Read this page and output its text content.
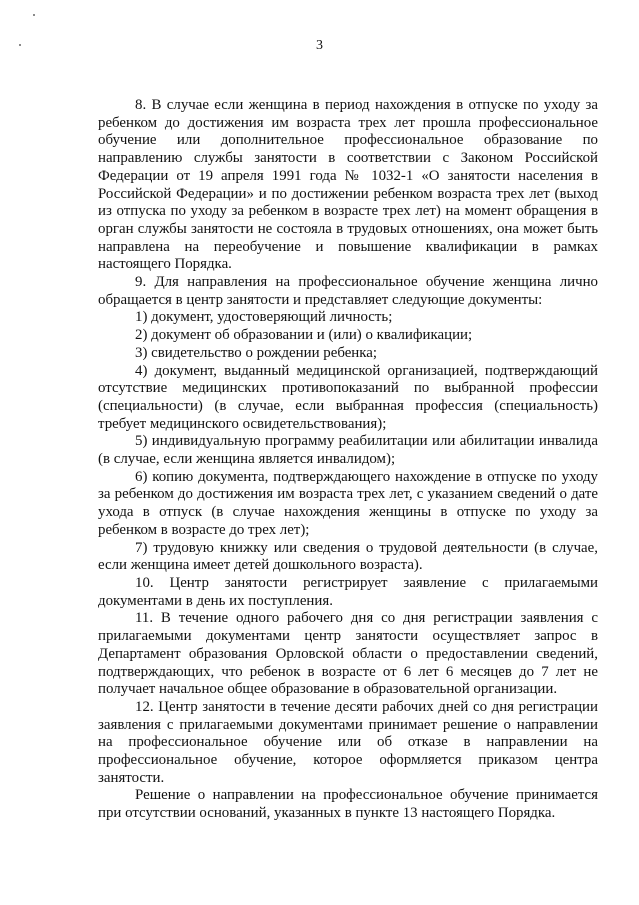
3

8. В случае если женщина в период нахождения в отпуске по уходу за ребенком до достижения им возраста трех лет прошла профессиональное обучение или дополнительное профессиональное образование по направлению службы занятости в соответствии с Законом Российской Федерации от 19 апреля 1991 года № 1032-1 «О занятости населения в Российской Федерации» и по достижении ребенком возраста трех лет (выход из отпуска по уходу за ребенком в возрасте трех лет) на момент обращения в орган службы занятости не состояла в трудовых отношениях, она может быть направлена на переобучение и повышение квалификации в рамках настоящего Порядка.

9. Для направления на профессиональное обучение женщина лично обращается в центр занятости и представляет следующие документы:

1) документ, удостоверяющий личность;

2) документ об образовании и (или) о квалификации;

3) свидетельство о рождении ребенка;

4) документ, выданный медицинской организацией, подтверждающий отсутствие медицинских противопоказаний по выбранной профессии (специальности) (в случае, если выбранная профессия (специальность) требует медицинского освидетельствования);

5) индивидуальную программу реабилитации или абилитации инвалида (в случае, если женщина является инвалидом);

6) копию документа, подтверждающего нахождение в отпуске по уходу за ребенком до достижения им возраста трех лет, с указанием сведений о дате ухода в отпуск (в случае нахождения женщины в отпуске по уходу за ребенком в возрасте до трех лет);

7) трудовую книжку или сведения о трудовой деятельности (в случае, если женщина имеет детей дошкольного возраста).

10. Центр занятости регистрирует заявление с прилагаемыми документами в день их поступления.

11. В течение одного рабочего дня со дня регистрации заявления с прилагаемыми документами центр занятости осуществляет запрос в Департамент образования Орловской области о предоставлении сведений, подтверждающих, что ребенок в возрасте от 6 лет 6 месяцев до 7 лет не получает начальное общее образование в образовательной организации.

12. Центр занятости в течение десяти рабочих дней со дня регистрации заявления с прилагаемыми документами принимает решение о направлении на профессиональное обучение или об отказе в направлении на профессиональное обучение, которое оформляется приказом центра занятости.

Решение о направлении на профессиональное обучение принимается при отсутствии оснований, указанных в пункте 13 настоящего Порядка.
